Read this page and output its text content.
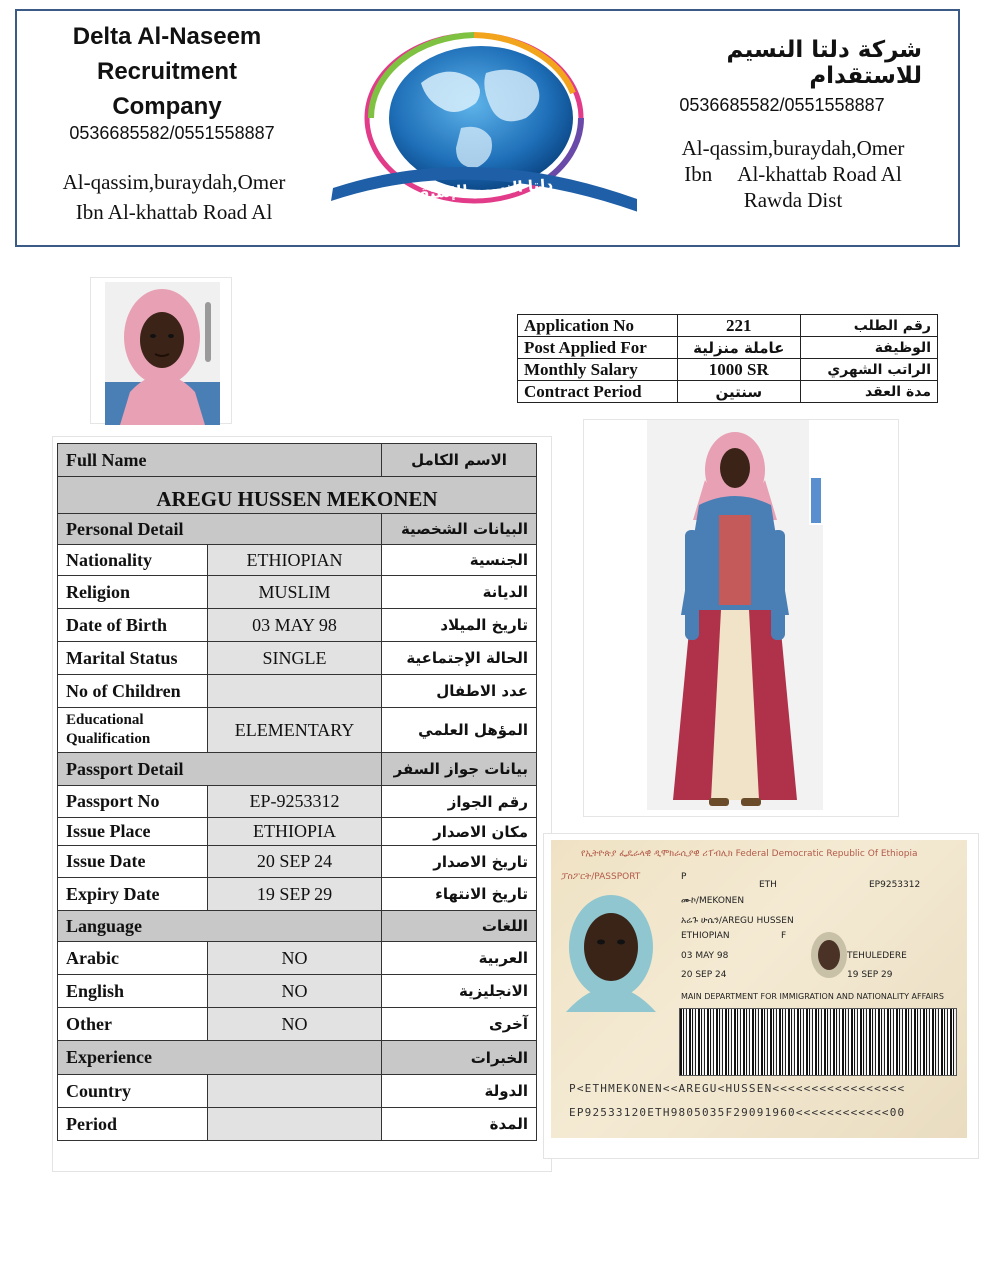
Delta Al-Naseem
Recruitment
Company
0536685582/0551558887
Al-qassim,buraydah,Omer
Ibn Al-khattab Road Al
دلتا النسيم للإستقدام
شركة دلتا النسيم للاستقدام
0536685582/0551558887
Al-qassim,buraydah,Omer
Ibn     Al-khattab Road Al
Rawda Dist
Application No	221	رقم الطلب
Post Applied For	عاملة منزلية	الوظيفة
Monthly Salary	1000 SR	الراتب الشهري
Contract Period	سنتين	مدة العقد
Full Name		الاسم الكامل
AREGU HUSSEN MEKONEN		
Personal Detail		البيانات الشخصية
Nationality	ETHIOPIAN	الجنسية
Religion	MUSLIM	الديانة
Date of Birth	03 MAY 98	تاريخ الميلاد
Marital Status	SINGLE	الحالة الإجتماعية
No of Children		عدد الاطفال

Educational
Qualification	ELEMENTARY	المؤهل العلمي
Passport Detail		بيانات جواز السفر
Passport No	EP-9253312	رقم الجواز
Issue Place	ETHIOPIA	مكان الاصدار
Issue Date	20 SEP 24	تاريخ الاصدار
Expiry Date	19 SEP 29	تاريخ الانتهاء
Language		اللغات
Arabic	NO	العربية
English	NO	الانجليزية
Other	NO	آخرى
Experience		الخبرات
Country		الدولة
Period		المدة
የኢትዮጵያ ፌዴራላዊ ዲሞክራሲያዊ ሪፐብሊክ Federal Democratic Republic Of Ethiopia
ፓስፖርት/PASSPORT	P
ETH	EP9253312
ሙኮ/MEKONEN
አሬጉ ሁሴን/AREGU HUSSEN
ETHIOPIAN	F
03 MAY 98	TEHULEDERE
20 SEP 24	19 SEP 29
MAIN DEPARTMENT FOR IMMIGRATION AND NATIONALITY AFFAIRS
P<ETHMEKONEN<<AREGU<HUSSEN<<<<<<<<<<<<<<<<<
EP92533120ETH9805035F29091960<<<<<<<<<<<<00
